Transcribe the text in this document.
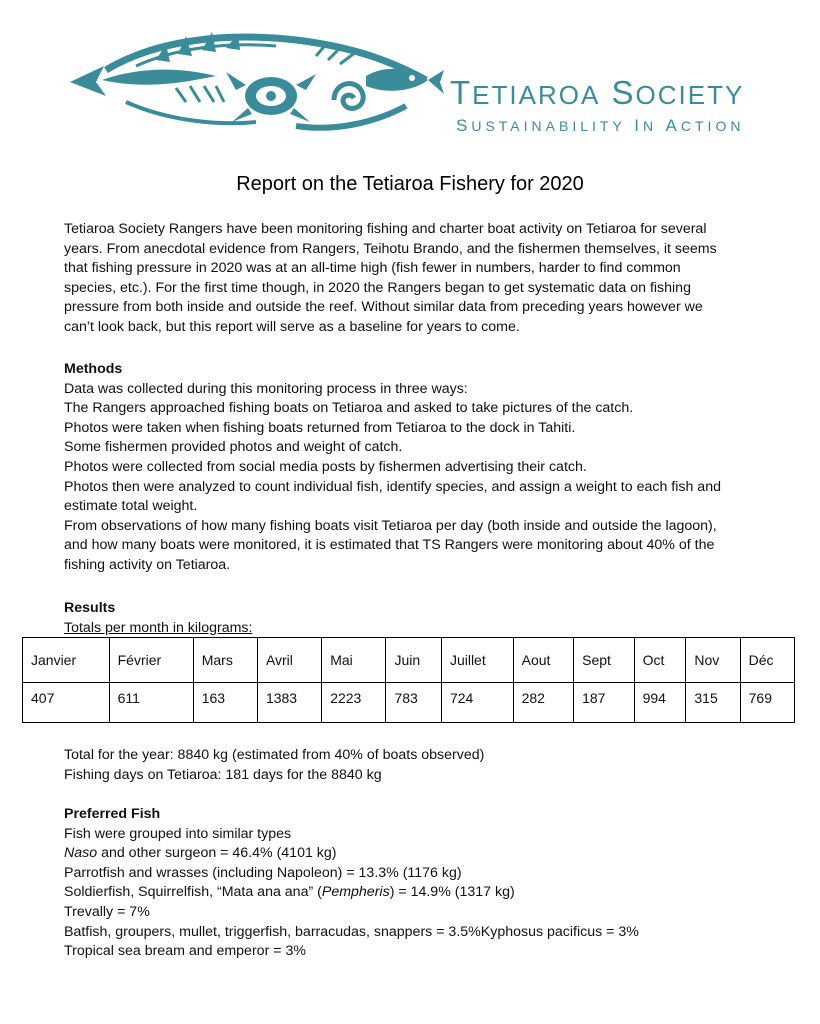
TETIAROA SOCIETY
SUSTAINABILITY IN ACTION
Report on the Tetiaroa Fishery for 2020

Tetiaroa Society Rangers have been monitoring fishing and charter boat activity on Tetiaroa for several

years. From anecdotal evidence from Rangers, Teihotu Brando, and the fishermen themselves, it seems

that fishing pressure in 2020 was at an all-time high (fish fewer in numbers, harder to find common

species, etc.). For the first time though, in 2020 the Rangers began to get systematic data on fishing

pressure from both inside and outside the reef. Without similar data from preceding years however we

can’t look back, but this report will serve as a baseline for years to come.

Methods

Data was collected during this monitoring process in three ways:

The Rangers approached fishing boats on Tetiaroa and asked to take pictures of the catch.

Photos were taken when fishing boats returned from Tetiaroa to the dock in Tahiti.

Some fishermen provided photos and weight of catch.

Photos were collected from social media posts by fishermen advertising their catch.

Photos then were analyzed to count individual fish, identify species, and assign a weight to each fish and

estimate total weight.

From observations of how many fishing boats visit Tetiaroa per day (both inside and outside the lagoon),

and how many boats were monitored, it is estimated that TS Rangers were monitoring about 40% of the

fishing activity on Tetiaroa.

Results

Totals per month in kilograms:

Janvier	Février	Mars	Avril	Mai	Juin	Juillet	Aout	Sept	Oct	Nov	Déc
407	611	163	1383	2223	783	724	282	187	994	315	769

Total for the year: 8840 kg (estimated from 40% of boats observed)

Fishing days on Tetiaroa: 181 days for the 8840 kg

Preferred Fish

Fish were grouped into similar types

Naso and other surgeon = 46.4% (4101 kg)

Parrotfish and wrasses (including Napoleon) = 13.3% (1176 kg)

Soldierfish, Squirrelfish, “Mata ana ana” (Pempheris) = 14.9% (1317 kg)

Trevally = 7%

Batfish, groupers, mullet, triggerfish, barracudas, snappers = 3.5%Kyphosus pacificus = 3%

Tropical sea bream and emperor = 3%
